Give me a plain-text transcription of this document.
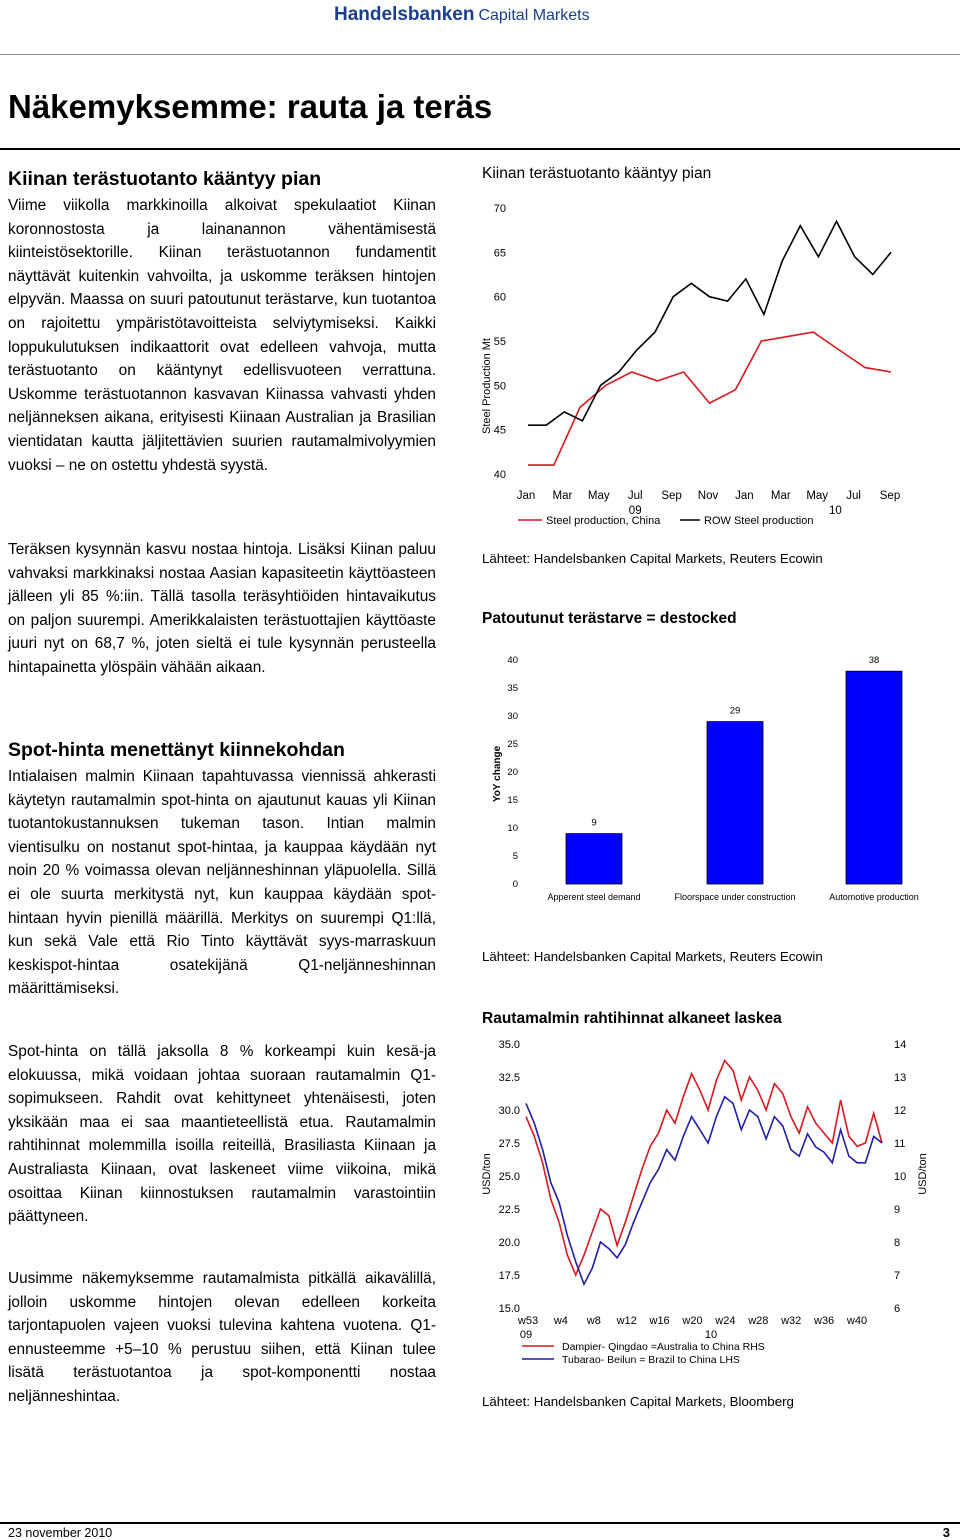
Handelsbanken Capital Markets
Näkemyksemme: rauta ja teräs
Kiinan terästuotanto kääntyy pian
Viime viikolla markkinoilla alkoivat spekulaatiot Kiinan koronnostosta ja lainanannon vähentämisestä kiinteistösektorille. Kiinan terästuotannon fundamentit näyttävät kuitenkin vahvoilta, ja uskomme teräksen hintojen elpyvän. Maassa on suuri patoutunut terästarve, kun tuotantoa on rajoitettu ympäristötavoitteista selviytymiseksi. Kaikki loppukulutuksen indikaattorit ovat edelleen vahvoja, mutta terästuotanto on kääntynyt edellisvuoteen verrattuna. Uskomme terästuotannon kasvavan Kiinassa vahvasti yhden neljänneksen aikana, erityisesti Kiinaan Australian ja Brasilian vientidatan kautta jäljitettävien suurien rautamalmivolyymien vuoksi – ne on ostettu yhdestä syystä.
Teräksen kysynnän kasvu nostaa hintoja. Lisäksi Kiinan paluu vahvaksi markkinaksi nostaa Aasian kapasiteetin käyttöasteen jälleen yli 85 %:iin. Tällä tasolla teräsyhtiöiden hintavaikutus on paljon suurempi. Amerikkalaisten terästuottajien käyttöaste juuri nyt on 68,7 %, joten sieltä ei tule kysynnän perusteella hintapainetta ylöspäin vähään aikaan.
Spot-hinta menettänyt kiinnekohdan
Intialaisen malmin Kiinaan tapahtuvassa viennissä ahkerasti käytetyn rautamalmin spot-hinta on ajautunut kauas yli Kiinan tuotantokustannuksen tukeman tason. Intian malmin vientisulku on nostanut spot-hintaa, ja kauppaa käydään nyt noin 20 % voimassa olevan neljänneshinnan yläpuolella. Sillä ei ole suurta merkitystä nyt, kun kauppaa käydään spot-hintaan hyvin pienillä määrillä. Merkitys on suurempi Q1:llä, kun sekä Vale että Rio Tinto käyttävät syys-marraskuun keskispot-hintaa osatekijänä Q1-neljänneshinnan määrittämiseksi.
Spot-hinta on tällä jaksolla 8 % korkeampi kuin kesä-ja elokuussa, mikä voidaan johtaa suoraan rautamalmin Q1-sopimukseen. Rahdit ovat kehittyneet yhtenäisesti, joten yksikään maa ei saa maantieteellistä etua. Rautamalmin rahtihinnat molemmilla isoilla reiteillä, Brasiliasta Kiinaan ja Australiasta Kiinaan, ovat laskeneet viime viikoina, mikä osoittaa Kiinan kiinnostuksen rautamalmin varastointiin päättyneen.
Uusimme näkemyksemme rautamalmista pitkällä aikavälillä, jolloin uskomme hintojen olevan edelleen korkeita tarjontapuolen vajeen vuoksi tulevina kahtena vuotena. Q1-ennusteemme +5–10 % perustuu siihen, että Kiinan tulee lisätä terästuotantoa ja spot-komponentti nostaa neljänneshintaa.
Kiinan terästuotanto kääntyy pian
Steel Production Mt
70
65
60
55
50
45
40
Jan Mar May Jul Sep Nov Jan Mar May Jul Sep
09	10
Steel production, China	ROW Steel production
Lähteet: Handelsbanken Capital Markets, Reuters Ecowin
Patoutunut terästarve = destocked
YoY change
40
35
30
25
20
15
10
5
0
9
Apperent steel demand
29
Floorspace under construction
38
Automotive production
Lähteet: Handelsbanken Capital Markets, Reuters Ecowin
Rautamalmin rahtihinnat alkaneet laskea
USD/ton	USD/ton
35.0
32.5
30.0
27.5
25.0
22.5
20.0
17.5
15.0
14
13
12
11
10
9
8
7
6
w53 w4 w8 w12 w16 w20 w24 w28 w32 w36 w40
09	10
Dampier- Qingdao =Australia to China RHS
Tubarao- Beilun = Brazil to China LHS
Lähteet: Handelsbanken Capital Markets, Bloomberg
23 november 2010	3
